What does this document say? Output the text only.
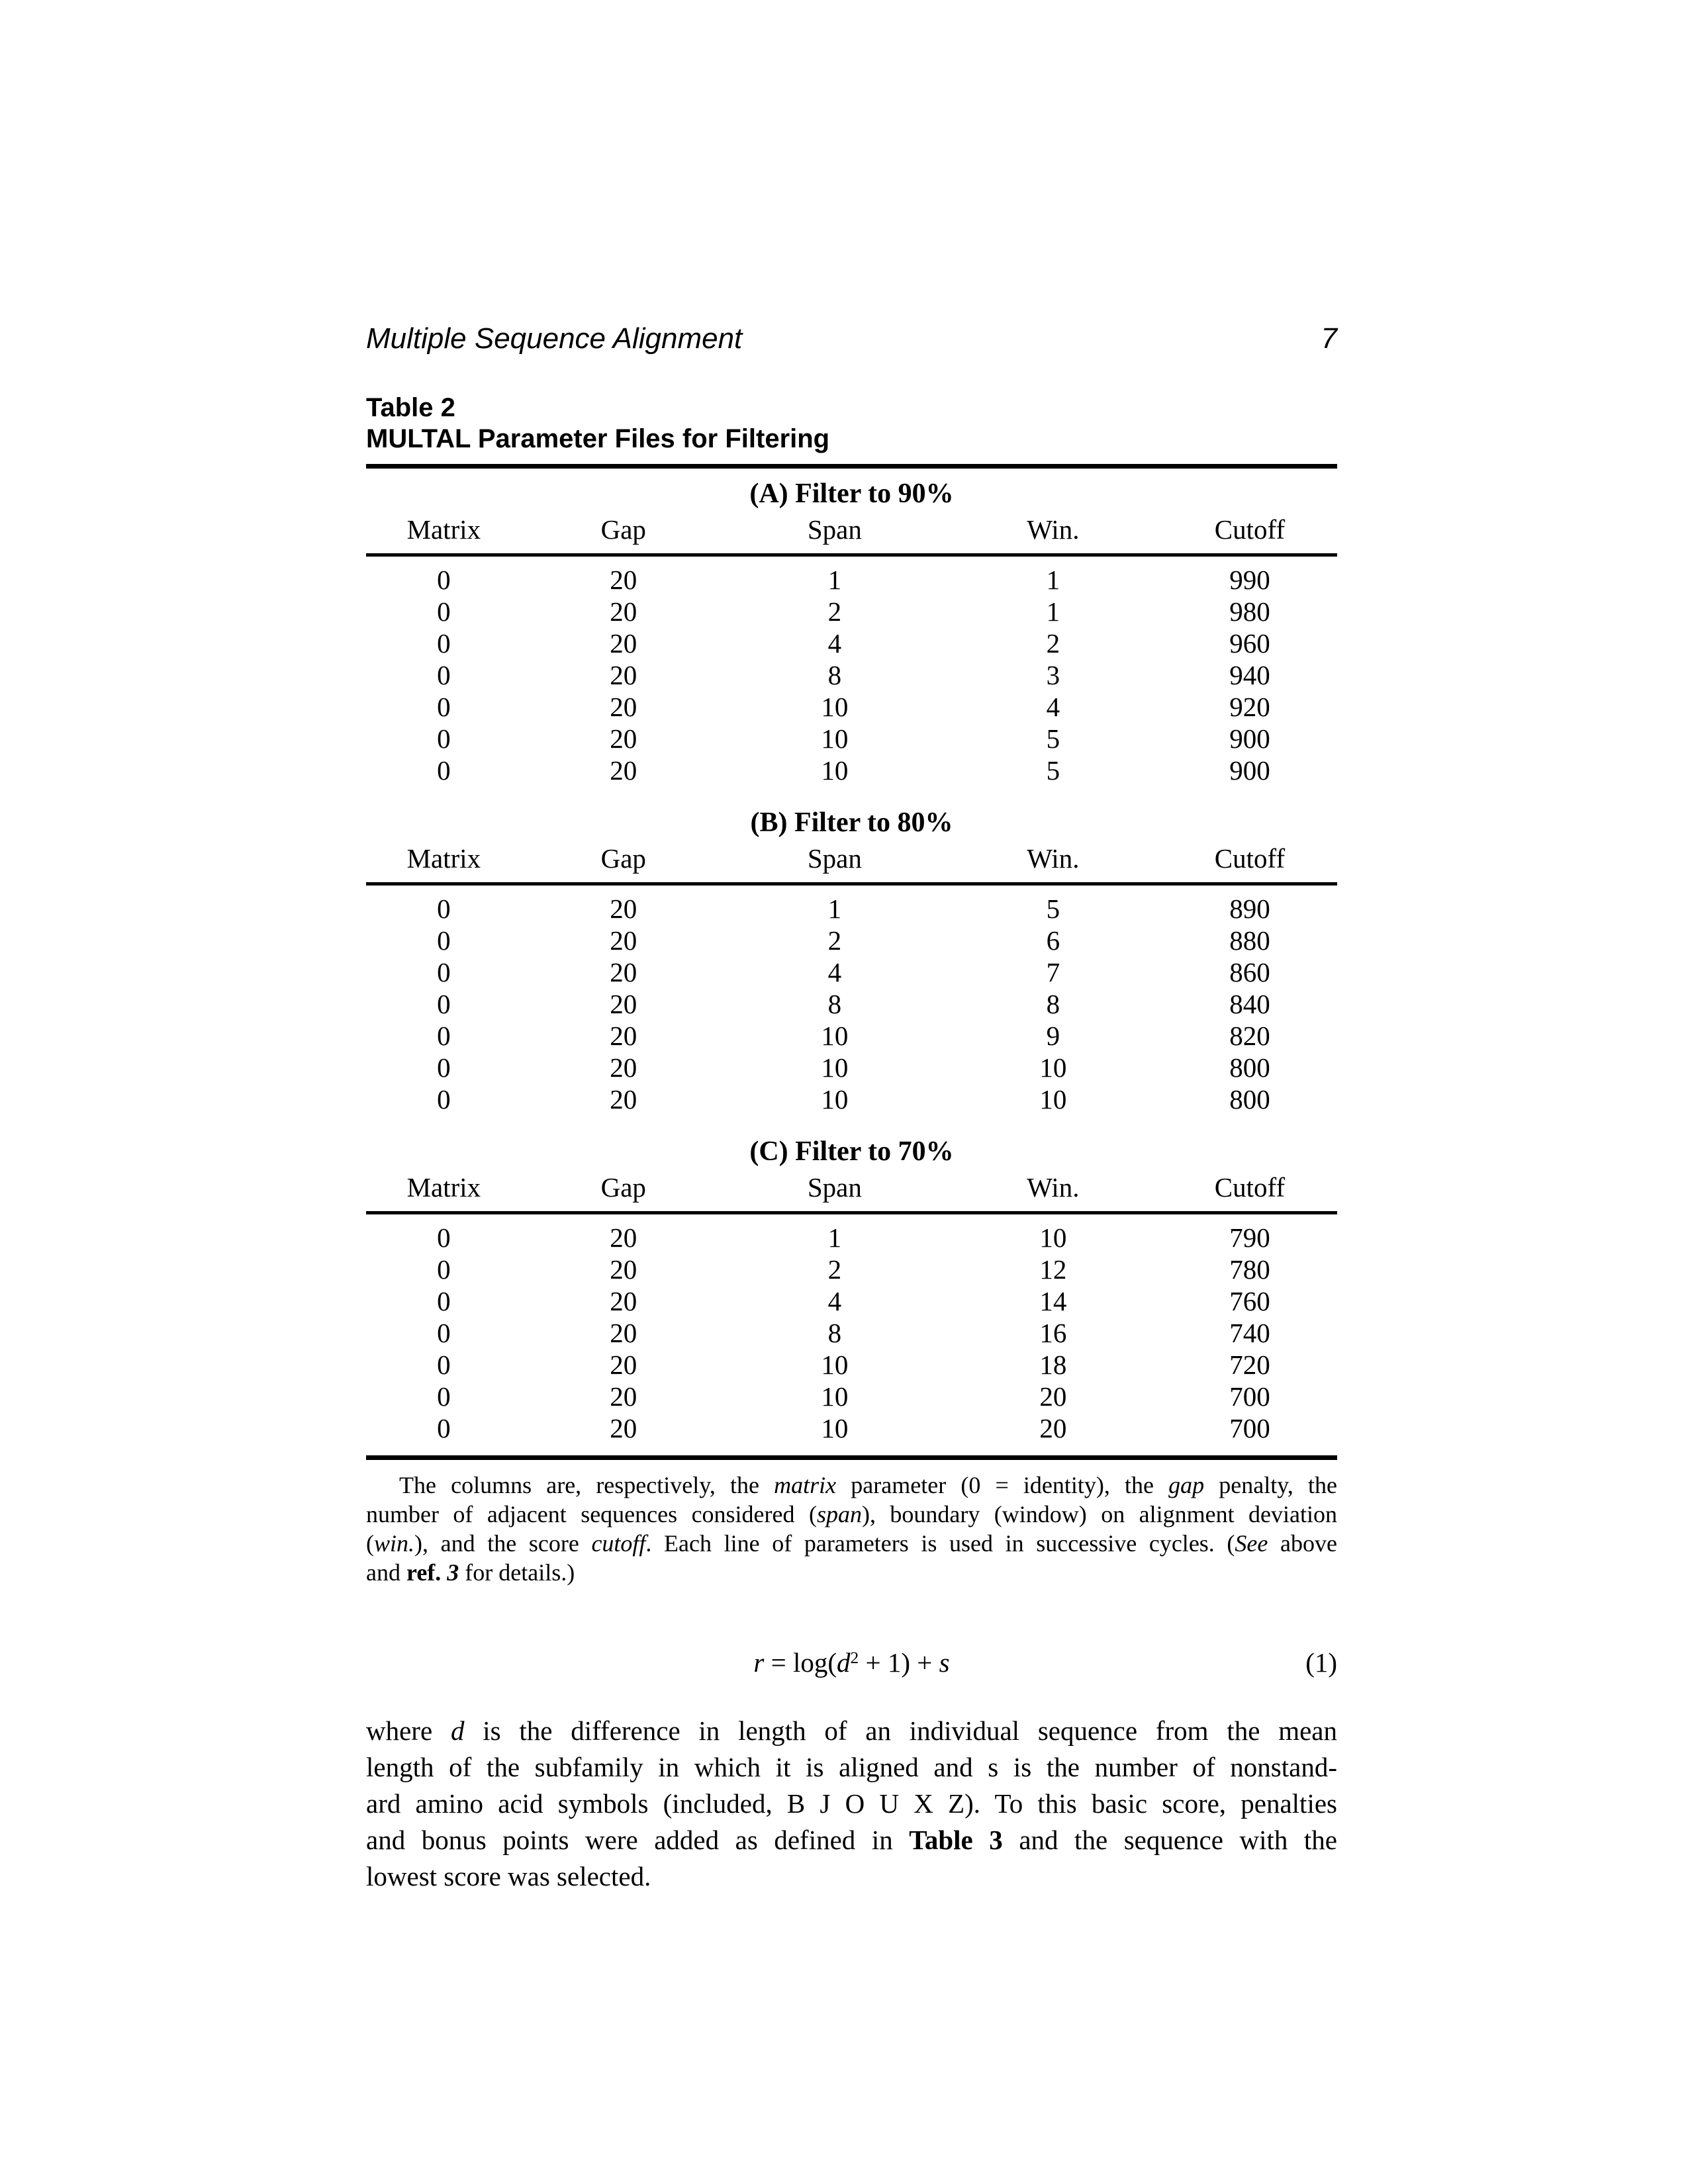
Multiple Sequence Alignment	7
Table 2
MULTAL Parameter Files for Filtering
(A) Filter to 90%				
Matrix	Gap	Span	Win.	Cutoff
0	20	1	1	990
0	20	2	1	980
0	20	4	2	960
0	20	8	3	940
0	20	10	4	920
0	20	10	5	900
0	20	10	5	900
(B) Filter to 80%				
Matrix	Gap	Span	Win.	Cutoff
0	20	1	5	890
0	20	2	6	880
0	20	4	7	860
0	20	8	8	840
0	20	10	9	820
0	20	10	10	800
0	20	10	10	800
(C) Filter to 70%				
Matrix	Gap	Span	Win.	Cutoff
0	20	1	10	790
0	20	2	12	780
0	20	4	14	760
0	20	8	16	740
0	20	10	18	720
0	20	10	20	700
0	20	10	20	700
The columns are, respectively, the matrix parameter (0 = identity), the gap penalty, the
number of adjacent sequences considered (span), boundary (window) on alignment deviation
(win.), and the score cutoff. Each line of parameters is used in successive cycles. (See above
and ref. 3 for details.)
$r = \log(d^2 + 1) + s$	(1)
where d is the difference in length of an individual sequence from the mean
length of the subfamily in which it is aligned and s is the number of nonstand-
ard amino acid symbols (included, B J O U X Z). To this basic score, penalties
and bonus points were added as defined in Table 3 and the sequence with the
lowest score was selected.
